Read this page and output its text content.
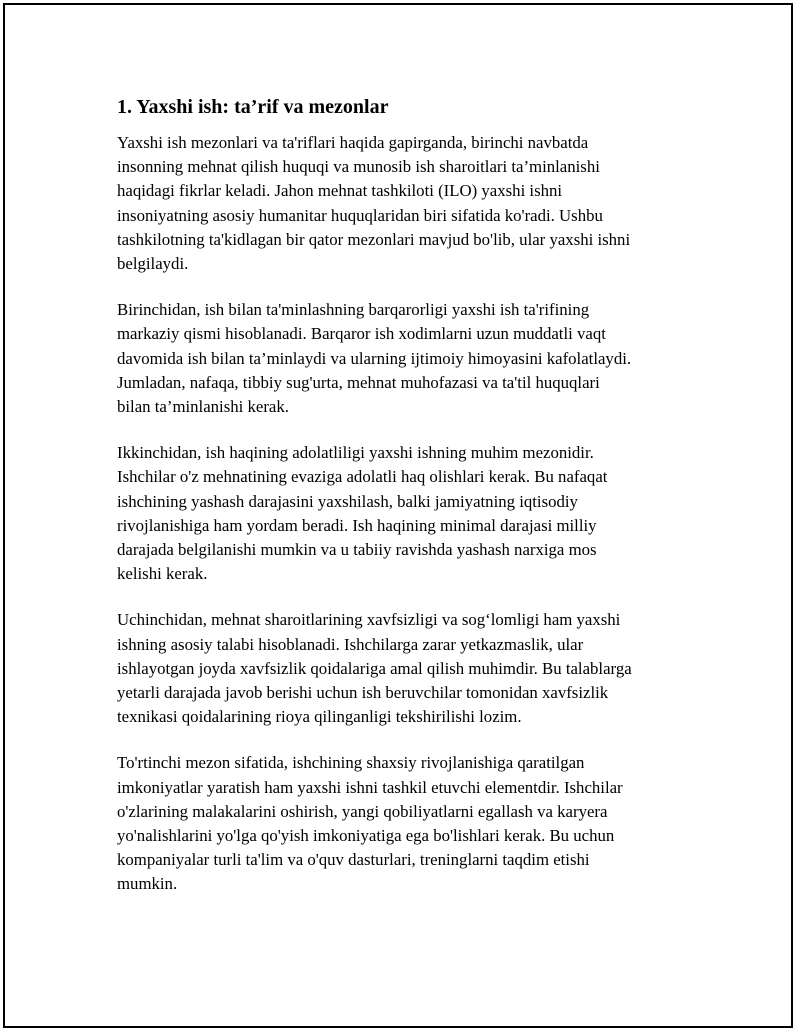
1. Yaxshi ish: ta’rif va mezonlar
Yaxshi ish mezonlari va ta'riflari haqida gapirganda, birinchi navbatda
insonning mehnat qilish huquqi va munosib ish sharoitlari ta’minlanishi
haqidagi fikrlar keladi. Jahon mehnat tashkiloti (ILO) yaxshi ishni
insoniyatning asosiy humanitar huquqlaridan biri sifatida ko'radi. Ushbu
tashkilotning ta'kidlagan bir qator mezonlari mavjud bo'lib, ular yaxshi ishni
belgilaydi.
Birinchidan, ish bilan ta'minlashning barqarorligi yaxshi ish ta'rifining
markaziy qismi hisoblanadi. Barqaror ish xodimlarni uzun muddatli vaqt
davomida ish bilan ta’minlaydi va ularning ijtimoiy himoyasini kafolatlaydi.
Jumladan, nafaqa, tibbiy sug'urta, mehnat muhofazasi va ta'til huquqlari
bilan ta’minlanishi kerak.
Ikkinchidan, ish haqining adolatliligi yaxshi ishning muhim mezonidir.
Ishchilar o'z mehnatining evaziga adolatli haq olishlari kerak. Bu nafaqat
ishchining yashash darajasini yaxshilash, balki jamiyatning iqtisodiy
rivojlanishiga ham yordam beradi. Ish haqining minimal darajasi milliy
darajada belgilanishi mumkin va u tabiiy ravishda yashash narxiga mos
kelishi kerak.
Uchinchidan, mehnat sharoitlarining xavfsizligi va sog‘lomligi ham yaxshi
ishning asosiy talabi hisoblanadi. Ishchilarga zarar yetkazmaslik, ular
ishlayotgan joyda xavfsizlik qoidalariga amal qilish muhimdir. Bu talablarga
yetarli darajada javob berishi uchun ish beruvchilar tomonidan xavfsizlik
texnikasi qoidalarining rioya qilinganligi tekshirilishi lozim.
To'rtinchi mezon sifatida, ishchining shaxsiy rivojlanishiga qaratilgan
imkoniyatlar yaratish ham yaxshi ishni tashkil etuvchi elementdir. Ishchilar
o'zlarining malakalarini oshirish, yangi qobiliyatlarni egallash va karyera
yo'nalishlarini yo'lga qo'yish imkoniyatiga ega bo'lishlari kerak. Bu uchun
kompaniyalar turli ta'lim va o'quv dasturlari, treninglarni taqdim etishi
mumkin.
